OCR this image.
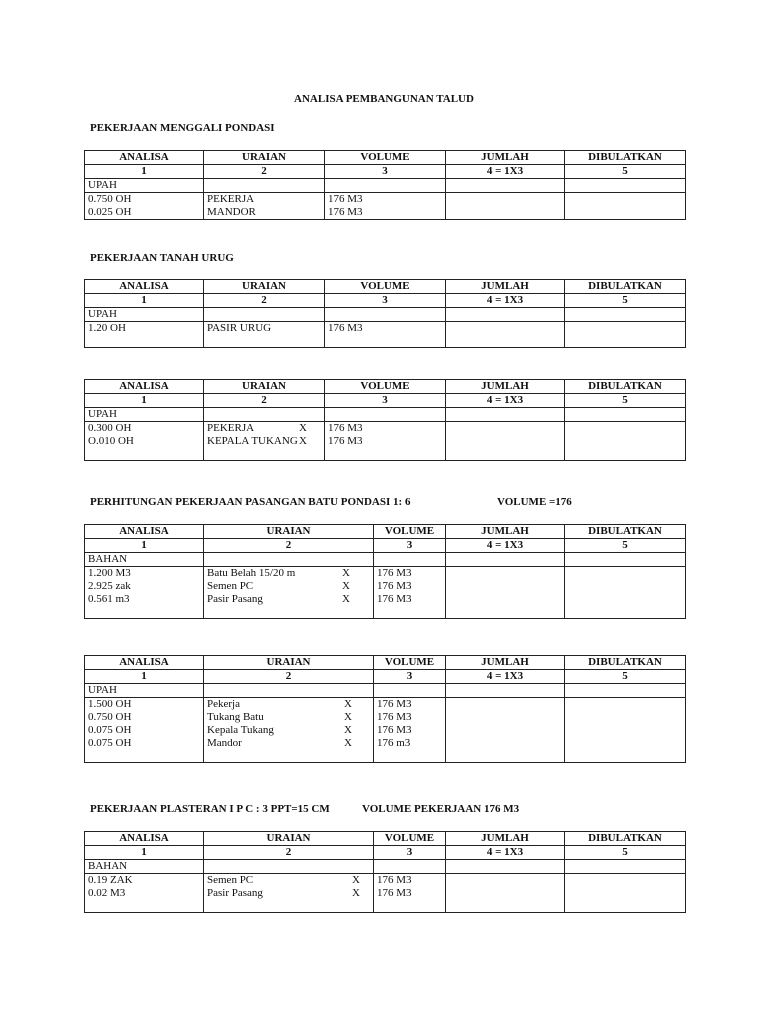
ANALISA PEMBANGUNAN TALUD
PEKERJAAN MENGGALI PONDASI
ANALISA	URAIAN	VOLUME	JUMLAH	DIBULATKAN
1	2	3	4 = 1X3	5
UPAH				
0.750 OH	PEKERJA	176 M3		
0.025 OH	MANDOR	176 M3		
PEKERJAAN TANAH URUG
ANALISA	URAIAN	VOLUME	JUMLAH	DIBULATKAN
1	2	3	4 = 1X3	5
UPAH				
1.20 OH	PASIR URUG	176 M3		

ANALISA	URAIAN	VOLUME	JUMLAH	DIBULATKAN
1	2	3	4 = 1X3	5
UPAH				
0.300 OH	PEKERJA X	176 M3		
O.010 OH	KEPALA TUKANG X	176 M3		

PERHITUNGAN PEKERJAAN PASANGAN BATU PONDASI 1: 6	VOLUME =176
ANALISA	URAIAN	VOLUME	JUMLAH	DIBULATKAN
1	2	3	4 = 1X3	5
BAHAN				
1.200 M3	Batu Belah 15/20 m X	176 M3		
2.925 zak	Semen PC X	176 M3		
0.561 m3	Pasir Pasang X	176 M3		

ANALISA	URAIAN	VOLUME	JUMLAH	DIBULATKAN
1	2	3	4 = 1X3	5
UPAH				
1.500 OH	Pekerja X	176 M3		
0.750 OH	Tukang Batu X	176 M3		
0.075 OH	Kepala Tukang X	176 M3		
0.075 OH	Mandor X	176 m3		

PEKERJAAN PLASTERAN I P C : 3 PPT=15 CM	VOLUME PEKERJAAN 176 M3
ANALISA	URAIAN	VOLUME	JUMLAH	DIBULATKAN
1	2	3	4 = 1X3	5
BAHAN				
0.19 ZAK	Semen PC X	176 M3		
0.02 M3	Pasir Pasang X	176 M3		
